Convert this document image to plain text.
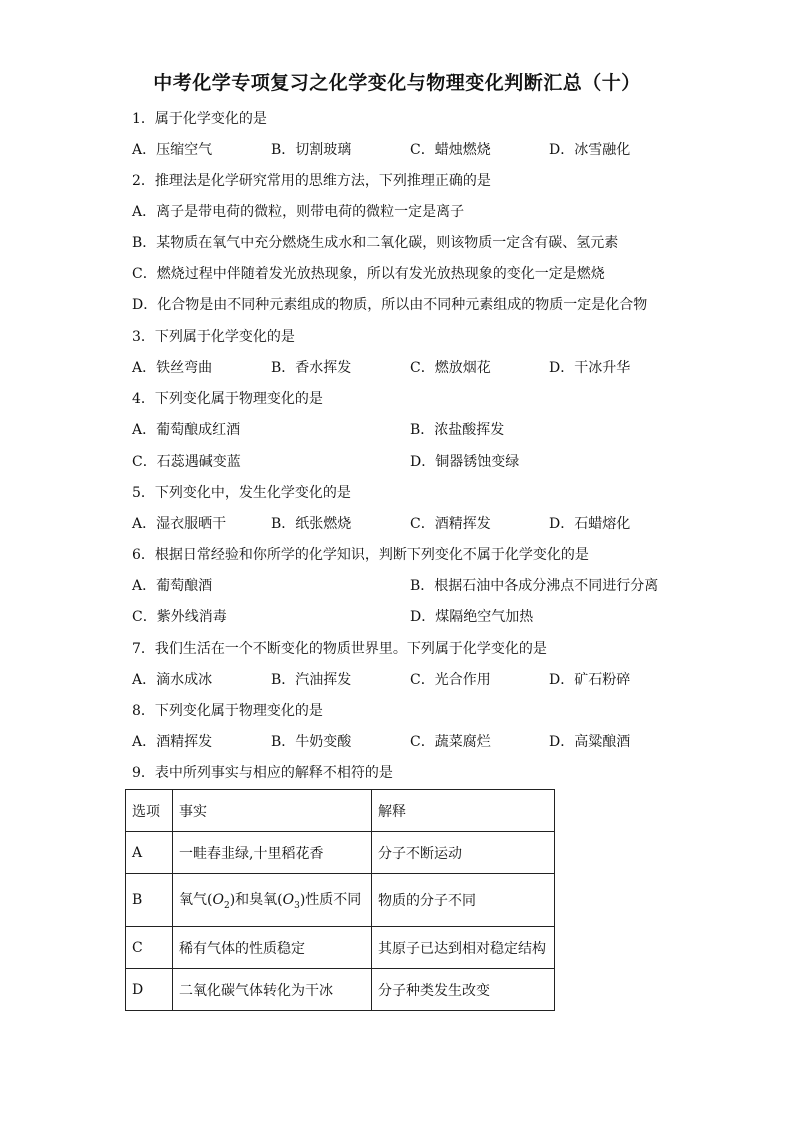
中考化学专项复习之化学变化与物理变化判断汇总（十）
1．属于化学变化的是
A．压缩空气	B．切割玻璃	C．蜡烛燃烧	D．冰雪融化
2．推理法是化学研究常用的思维方法，下列推理正确的是
A．离子是带电荷的微粒，则带电荷的微粒一定是离子
B．某物质在氧气中充分燃烧生成水和二氧化碳，则该物质一定含有碳、氢元素
C．燃烧过程中伴随着发光放热现象，所以有发光放热现象的变化一定是燃烧
D．化合物是由不同种元素组成的物质，所以由不同种元素组成的物质一定是化合物
3．下列属于化学变化的是
A．铁丝弯曲	B．香水挥发	C．燃放烟花	D．干冰升华
4．下列变化属于物理变化的是
A．葡萄酿成红酒	B．浓盐酸挥发
C．石蕊遇碱变蓝	D．铜器锈蚀变绿
5．下列变化中，发生化学变化的是
A．湿衣服晒干	B．纸张燃烧	C．酒精挥发	D．石蜡熔化
6．根据日常经验和你所学的化学知识，判断下列变化不属于化学变化的是
A．葡萄酿酒	B．根据石油中各成分沸点不同进行分离
C．紫外线消毒	D．煤隔绝空气加热
7．我们生活在一个不断变化的物质世界里。下列属于化学变化的是
A．滴水成冰	B．汽油挥发	C．光合作用	D．矿石粉碎
8．下列变化属于物理变化的是
A．酒精挥发	B．牛奶变酸	C．蔬菜腐烂	D．高粱酿酒
9．表中所列事实与相应的解释不相符的是
选项	事实	解释
A	一畦春韭绿,十里稻花香	分子不断运动
B	氧气$(O_2)$和臭氧$(O_3)$性质不同	物质的分子不同
C	稀有气体的性质稳定	其原子已达到相对稳定结构
D	二氧化碳气体转化为干冰	分子种类发生改变
